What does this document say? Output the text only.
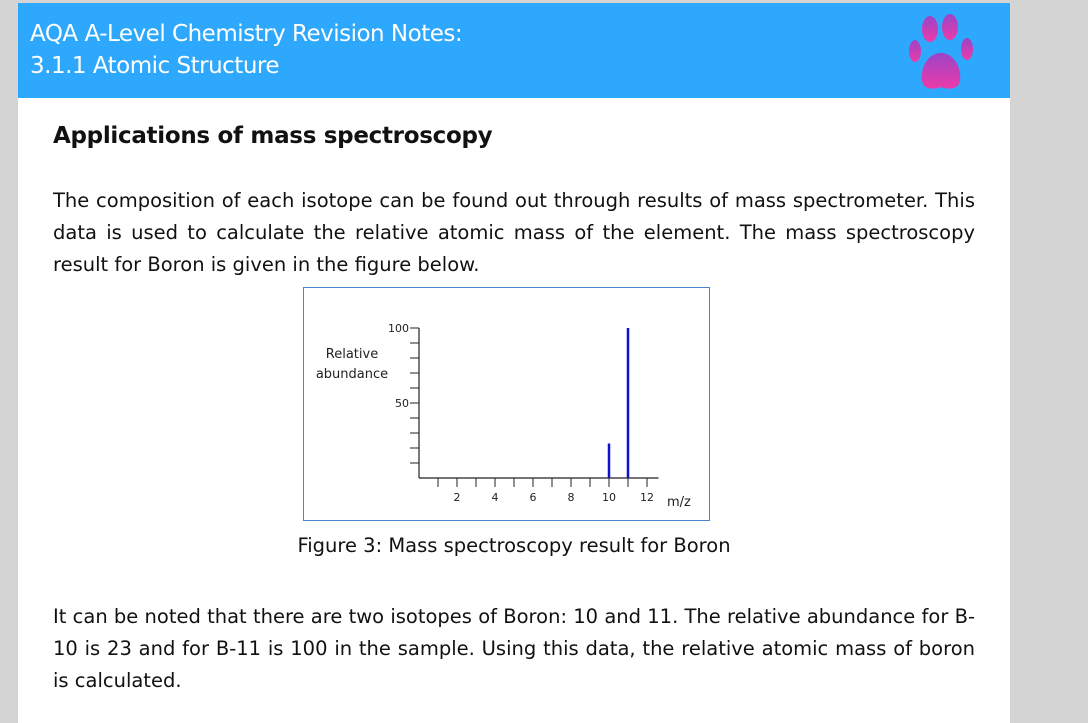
AQA A-Level Chemistry Revision Notes:
3.1.1 Atomic Structure
Applications of mass spectroscopy

The composition of each isotope can be found out through results of mass spectrometer. This data is used to calculate the relative atomic mass of the element. The mass spectroscopy result for Boron is given in the figure below.

2	4	6	8	10 12
50
100
Relative
abundance
m/z
Figure 3: Mass spectroscopy result for Boron

It can be noted that there are two isotopes of Boron: 10 and 11. The relative abundance for B-10 is 23 and for B-11 is 100 in the sample. Using this data, the relative atomic mass of boron is calculated.
